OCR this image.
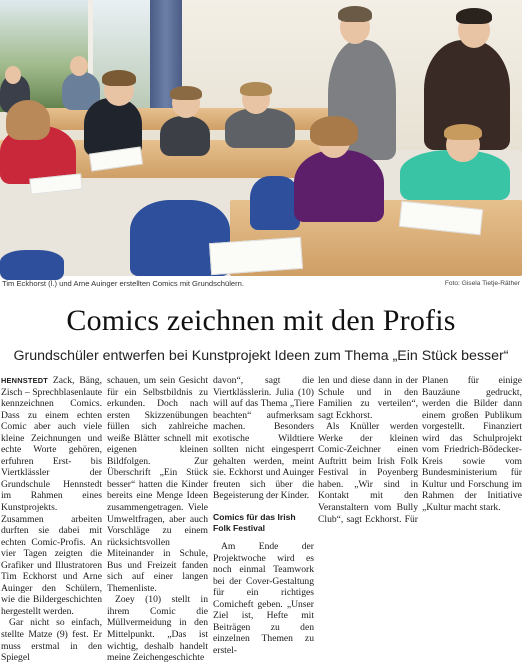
Tim Eckhorst (l.) und Arne Auinger erstellten Comics mit Grundschülern.	Foto: Gisela Tietje-Räther
Comics zeichnen mit den Profis
Grundschüler entwerfen bei Kunstprojekt Ideen zum Thema „Ein Stück besser“

HENNSTEDT Zack, Bäng, Zisch – Sprechblasenlaute kennzeichnen Comics. Dass zu einem echten Comic aber auch viele kleine Zeichnungen und echte Worte gehören, erfuhren Erst- bis Viertklässler der Grundschule Hennstedt im Rahmen eines Kunstprojekts. Zusammen arbeiten durften sie dabei mit echten Comic-Profis. An vier Tagen zeigten die Grafiker und Illustratoren Tim Eckhorst und Arne Auinger den Schülern, wie die Bildergeschichten hergestellt werden.

Gar nicht so einfach, stellte Matze (9) fest. Er muss erstmal in den Spiegel

schauen, um sein Gesicht für ein Selbstbildnis zu erkunden. Doch nach ersten Skizzenübungen füllen sich zahlreiche weiße Blätter schnell mit eigenen kleinen Bildfolgen. Zur Überschrift „Ein Stück besser“ hatten die Kinder bereits eine Menge Ideen zusammengetragen. Viele Umweltfragen, aber auch Vorschläge zu einem rücksichtsvollen Miteinander in Schule, Bus und Freizeit fanden sich auf einer langen Themenliste.

Zoey (10) stellt in ihrem Comic die Müllvermeidung in den Mittelpunkt. „Das ist wichtig, deshalb handelt meine Zeichengeschichte

davon“, sagt die Viertklässlerin. Julia (10) will auf das Thema „Tiere beachten“ aufmerksam machen. Besonders exotische Wildtiere sollten nicht eingesperrt gehalten werden, meint sie. Eckhorst und Auinger freuten sich über die Begeisterung der Kinder.

Comics für das Irish Folk Festival

Am Ende der Projektwoche wird es noch einmal Teamwork bei der Cover-Gestaltung für ein richtiges Comicheft geben. „Unser Ziel ist, Hefte mit Beiträgen zu den einzelnen Themen zu erstel-

len und diese dann in der Schule und in den Familien zu verteilen“, sagt Eckhorst.

Als Knüller werden Werke der kleinen Comic-Zeichner einen Auftritt beim Irish Folk Festival in Poyenberg haben. „Wir sind in Kontakt mit den Veranstaltern vom Bully Club“, sagt Eckhorst. Für Planen für einige Bauzäune gedruckt, werden die Bilder dann einem großen Publikum vorgestellt. Finanziert wird das Schulprojekt vom Friedrich-Bödecker-Kreis sowie vom Bundesministerium für Kultur und Forschung im Rahmen der Initiative „Kultur macht stark.
